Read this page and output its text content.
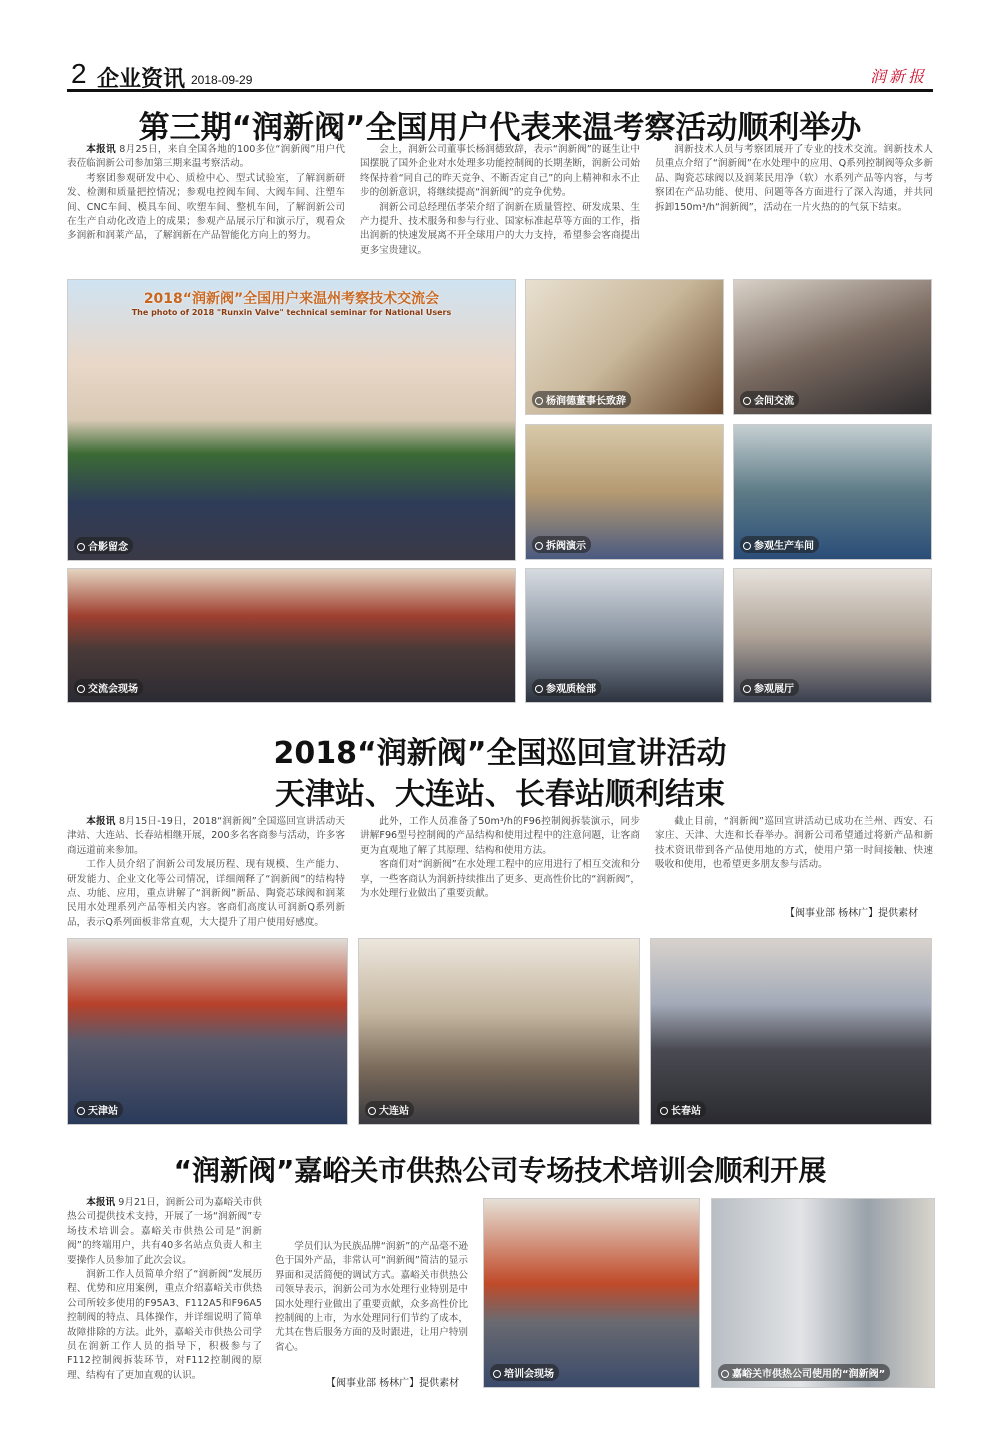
2 企业资讯 2018-09-29	润新报
第三期“润新阀”全国用户代表来温考察活动顺利举办

本报讯 8月25日，来自全国各地的100多位“润新阀”用户代表莅临润新公司参加第三期来温考察活动。

考察团参观研发中心、质检中心、型式试验室，了解润新研发、检测和质量把控情况；参观电控阀车间、大阀车间、注塑车间、CNC车间、模具车间、吹塑车间、整机车间，了解润新公司在生产自动化改造上的成果；参观产品展示厅和演示厅，观看众多润新和润莱产品，了解润新在产品智能化方向上的努力。

会上，润新公司董事长杨润德致辞，表示“润新阀”的诞生让中国摆脱了国外企业对水处理多功能控制阀的长期垄断，润新公司始终保持着“同自己的昨天竞争、不断否定自己”的向上精神和永不止步的创新意识，将继续提高“润新阀”的竞争优势。

润新公司总经理伍孝荣介绍了润新在质量管控、研发成果、生产力提升、技术服务和参与行业、国家标准起草等方面的工作，指出润新的快速发展离不开全球用户的大力支持，希望参会客商提出更多宝贵建议。

润新技术人员与考察团展开了专业的技术交流。润新技术人员重点介绍了“润新阀”在水处理中的应用、Q系列控制阀等众多新品、陶瓷芯球阀以及润莱民用净（软）水系列产品等内容，与考察团在产品功能、使用、问题等各方面进行了深入沟通，并共同拆卸150m³/h“润新阀”，活动在一片火热的的气氛下结束。

2018“润新阀”全国用户来温州考察技术交流会
The photo of 2018 "Runxin Valve" technical seminar for National Users
合影留念
杨润德董事长致辞	会间交流
拆阀演示	参观生产车间
交流会现场	参观质检部	参观展厅
2018“润新阀”全国巡回宣讲活动
天津站、大连站、长春站顺利结束

本报讯 8月15日-19日，2018“润新阀”全国巡回宣讲活动天津站、大连站、长春站相继开展，200多名客商参与活动，许多客商远道前来参加。

工作人员介绍了润新公司发展历程、现有规模、生产能力、研发能力、企业文化等公司情况，详细阐释了“润新阀”的结构特点、功能、应用，重点讲解了“润新阀”新品、陶瓷芯球阀和润莱民用水处理系列产品等相关内容。客商们高度认可润新Q系列新品，表示Q系列面板非常直观，大大提升了用户使用好感度。

此外，工作人员准备了50m³/h的F96控制阀拆装演示，同步讲解F96型号控制阀的产品结构和使用过程中的注意问题，让客商更为直观地了解了其原理、结构和使用方法。

客商们对“润新阀”在水处理工程中的应用进行了相互交流和分享，一些客商认为润新持续推出了更多、更高性价比的“润新阀”，为水处理行业做出了重要贡献。

截止目前，“润新阀”巡回宣讲活动已成功在兰州、西安、石家庄、天津、大连和长春举办。润新公司希望通过将新产品和新技术资讯带到各产品使用地的方式，使用户第一时间接触、快速吸收和使用，也希望更多朋友参与活动。

【阀事业部 杨林广】提供素材
天津站	大连站	长春站
“润新阀”嘉峪关市供热公司专场技术培训会顺利开展

本报讯 9月21日，润新公司为嘉峪关市供热公司提供技术支持，开展了一场“润新阀”专场技术培训会。嘉峪关市供热公司是“润新阀”的终端用户，共有40多名站点负责人和主要操作人员参加了此次会议。

润新工作人员简单介绍了“润新阀”发展历程、优势和应用案例，重点介绍嘉峪关市供热公司所较多使用的F95A3、F112A5和F96A5控制阀的特点、具体操作，并详细说明了简单故障排除的方法。此外，嘉峪关市供热公司学员在润新工作人员的指导下，积极参与了F112控制阀拆装环节，对F112控制阀的原理、结构有了更加直观的认识。

学员们认为民族品牌“润新”的产品毫不逊色于国外产品，非常认可“润新阀”简洁的显示界面和灵活简便的调试方式。嘉峪关市供热公司领导表示，润新公司为水处理行业特别是中国水处理行业做出了重要贡献，众多高性价比控制阀的上市，为水处理同行们节约了成本，尤其在售后服务方面的及时跟进，让用户特别省心。

【阀事业部 杨林广】提供素材
培训会现场	嘉峪关市供热公司使用的“润新阀”
